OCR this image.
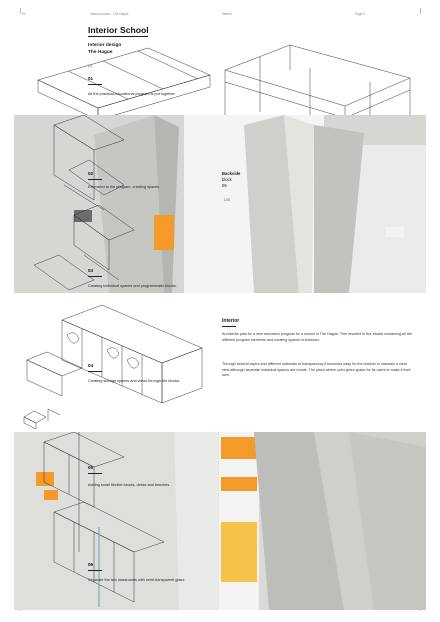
04	Interior school - The Hague	Interior	Page 4
Interior School
Interior design
The Hague
(1)
01
All the practical-educational program is put together.
02
Extension to the program, creating spaces.
Backside
block
05
1/20
03
Creating individual spaces and programmatic blocks.
04
Creating storage spaces and views through the blocks.
Interior
An interior plan for a new education program for a school in The Hague. This resulted in five blocks containing all the different program elements and creating spaces in-between.
Through several layers and different materials of transparency it becomes easy for the teacher to maintain a clear view although seperate individual spaces are create. The place where color gives space for its users to make it their own.
05
Adding small flexible blocks, desks and benches.
06
Separate the two classrooms with semi-transparent glass.
